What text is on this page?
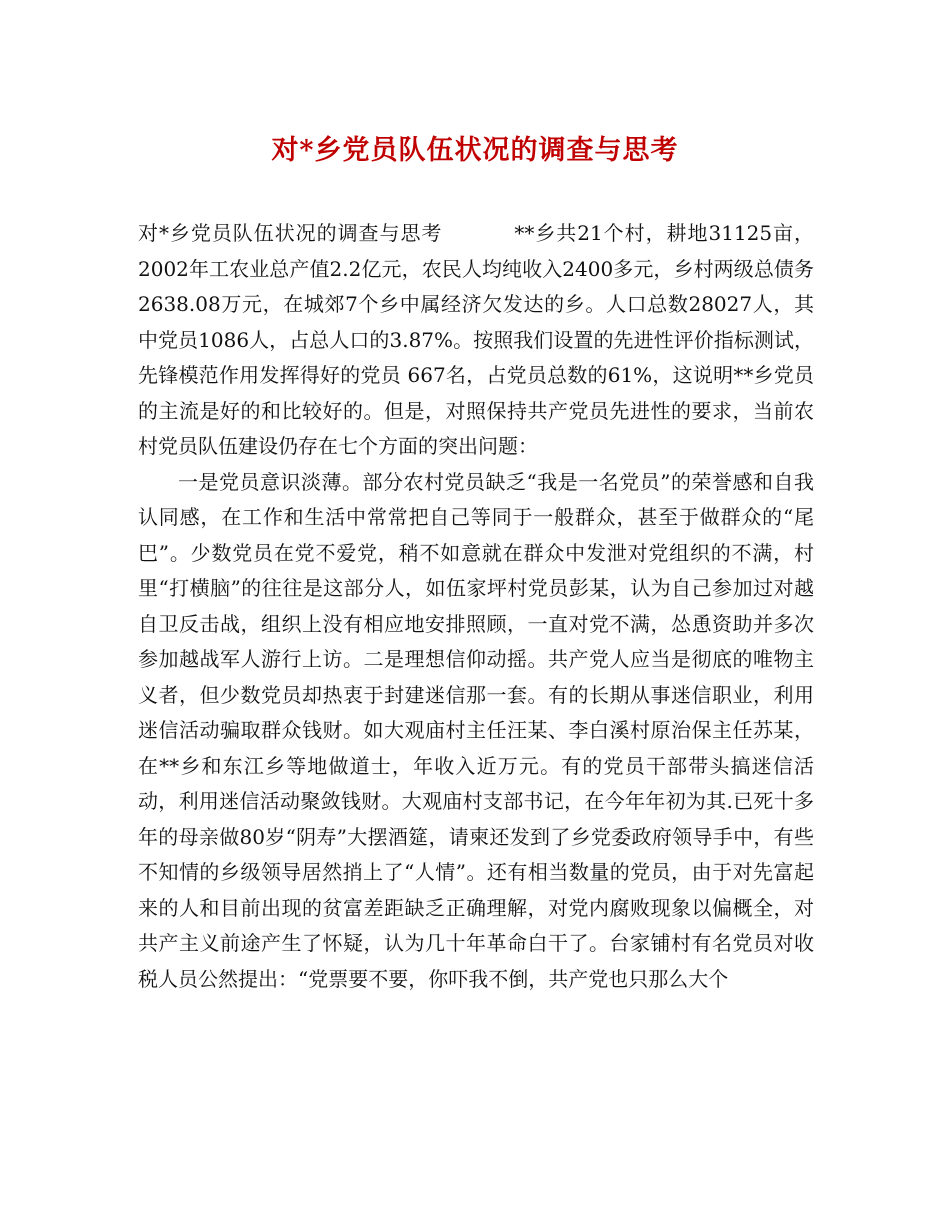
对*乡党员队伍状况的调查与思考

对*乡党员队伍状况的调查与思考	**乡共21个村，耕地31125亩， 2002年工农业总产值2.2亿元，农民人均纯收入2400多元，乡村两级总债务2638.08万元，在城郊7个乡中属经济欠发达的乡。人口总数28027人，其中党员1086人，占总人口的3.87%。按照我们设置的先进性评价指标测试，先锋模范作用发挥得好的党员 667名，占党员总数的61%，这说明**乡党员的主流是好的和比较好的。但是，对照保持共产党员先进性的要求，当前农村党员队伍建设仍存在七个方面的突出问题：

一是党员意识淡薄。部分农村党员缺乏“我是一名党员”的荣誉感和自我认同感，在工作和生活中常常把自己等同于一般群众，甚至于做群众的“尾巴”。少数党员在党不爱党，稍不如意就在群众中发泄对党组织的不满，村里“打横脑”的往往是这部分人，如伍家坪村党员彭某，认为自己参加过对越自卫反击战，组织上没有相应地安排照顾，一直对党不满，怂恿资助并多次参加越战军人游行上访。二是理想信仰动摇。共产党人应当是彻底的唯物主义者，但少数党员却热衷于封建迷信那一套。有的长期从事迷信职业，利用迷信活动骗取群众钱财。如大观庙村主任汪某、李白溪村原治保主任苏某，在**乡和东江乡等地做道士，年收入近万元。有的党员干部带头搞迷信活动，利用迷信活动聚敛钱财。大观庙村支部书记，在今年年初为其.已死十多年的母亲做80岁“阴寿”大摆酒筵，请柬还发到了乡党委政府领导手中，有些不知情的乡级领导居然捎上了“人情”。还有相当数量的党员，由于对先富起来的人和目前出现的贫富差距缺乏正确理解，对党内腐败现象以偏概全，对共产主义前途产生了怀疑，认为几十年革命白干了。台家铺村有名党员对收税人员公然提出：“党票要不要，你吓我不倒，共产党也只那么大个
